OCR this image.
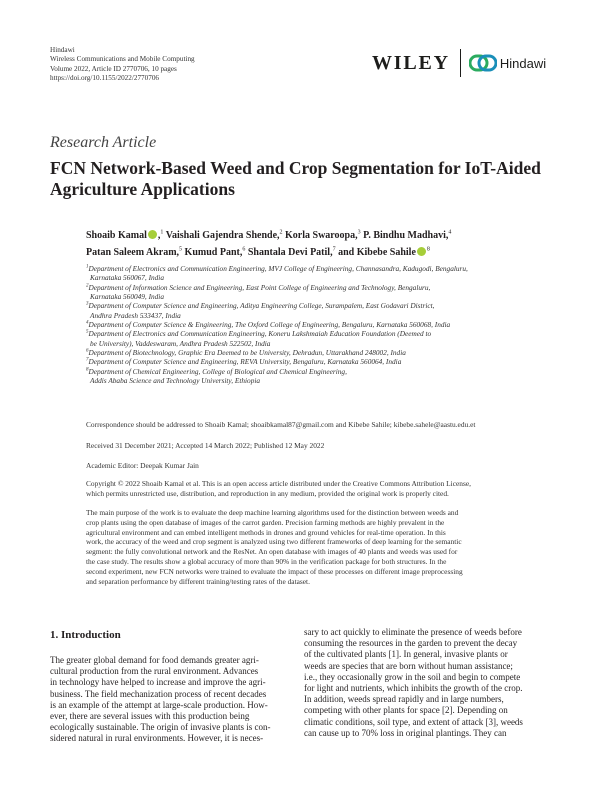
Hindawi
Wireless Communications and Mobile Computing
Volume 2022, Article ID 2770706, 10 pages
https://doi.org/10.1155/2022/2770706
WILEY	Hindawi
Research Article
FCN Network-Based Weed and Crop Segmentation for IoT-Aided Agriculture Applications
Shoaib Kamal ,$^1$ Vaishali Gajendra Shende,$^2$ Korla Swaroopa,$^3$ P. Bindhu Madhavi,$^4$
Patan Saleem Akram,$^5$ Kumud Pant,$^6$ Shantala Devi Patil,$^7$ and Kibebe Sahile $^8$
$^1$Department of Electronics and Communication Engineering, MVJ College of Engineering, Channasandra, Kadugodi, Bengaluru,
Karnataka 560067, India
$^2$Department of Information Science and Engineering, East Point College of Engineering and Technology, Bengaluru,
Karnataka 560049, India
$^3$Department of Computer Science and Engineering, Aditya Engineering College, Surampalem, East Godavari District,
Andhra Pradesh 533437, India
$^4$Department of Computer Science & Engineering, The Oxford College of Engineering, Bengaluru, Karnataka 560068, India
$^5$Department of Electronics and Communication Engineering, Koneru Lakshmaiah Education Foundation (Deemed to
be University), Vaddeswaram, Andhra Pradesh 522502, India
$^6$Department of Biotechnology, Graphic Era Deemed to be University, Dehradun, Uttarakhand 248002, India
$^7$Department of Computer Science and Engineering, REVA University, Bengaluru, Karnataka 560064, India
$^8$Department of Chemical Engineering, College of Biological and Chemical Engineering,
Addis Ababa Science and Technology University, Ethiopia
Correspondence should be addressed to Shoaib Kamal; shoaibkamal87@gmail.com and Kibebe Sahile; kibebe.sahele@aastu.edu.et
Received 31 December 2021; Accepted 14 March 2022; Published 12 May 2022
Academic Editor: Deepak Kumar Jain
Copyright © 2022 Shoaib Kamal et al. This is an open access article distributed under the Creative Commons Attribution License,
which permits unrestricted use, distribution, and reproduction in any medium, provided the original work is properly cited.
The main purpose of the work is to evaluate the deep machine learning algorithms used for the distinction between weeds and
crop plants using the open database of images of the carrot garden. Precision farming methods are highly prevalent in the
agricultural environment and can embed intelligent methods in drones and ground vehicles for real-time operation. In this
work, the accuracy of the weed and crop segment is analyzed using two different frameworks of deep learning for the semantic
segment: the fully convolutional network and the ResNet. An open database with images of 40 plants and weeds was used for
the case study. The results show a global accuracy of more than 90% in the verification package for both structures. In the
second experiment, new FCN networks were trained to evaluate the impact of these processes on different image preprocessing
and separation performance by different training/testing rates of the dataset.
1. Introduction
The greater global demand for food demands greater agri-
cultural production from the rural environment. Advances
in technology have helped to increase and improve the agri-
business. The field mechanization process of recent decades
is an example of the attempt at large-scale production. How-
ever, there are several issues with this production being
ecologically sustainable. The origin of invasive plants is con-
sidered natural in rural environments. However, it is neces-
sary to act quickly to eliminate the presence of weeds before
consuming the resources in the garden to prevent the decay
of the cultivated plants [1]. In general, invasive plants or
weeds are species that are born without human assistance;
i.e., they occasionally grow in the soil and begin to compete
for light and nutrients, which inhibits the growth of the crop.
In addition, weeds spread rapidly and in large numbers,
competing with other plants for space [2]. Depending on
climatic conditions, soil type, and extent of attack [3], weeds
can cause up to 70% loss in original plantings. They can
